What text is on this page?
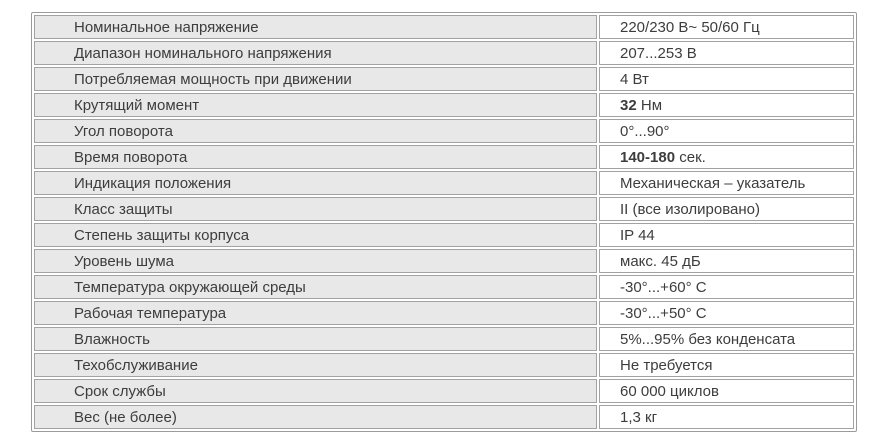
Номинальное напряжение	220/230 В~ 50/60 Гц
Диапазон номинального напряжения	207...253 В
Потребляемая мощность при движении	4 Вт
Крутящий момент	32 Нм
Угол поворота	0°...90°
Время поворота	140-180 сек.
Индикация положения	Механическая – указатель
Класс защиты	II (все изолировано)
Степень защиты корпуса	IP 44
Уровень шума	макс. 45 дБ
Температура окружающей среды	-30°...+60° C
Рабочая температура	-30°...+50° C
Влажность	5%...95% без конденсата
Техобслуживание	Не требуется
Срок службы	60 000 циклов
Вес (не более)	1,3 кг
